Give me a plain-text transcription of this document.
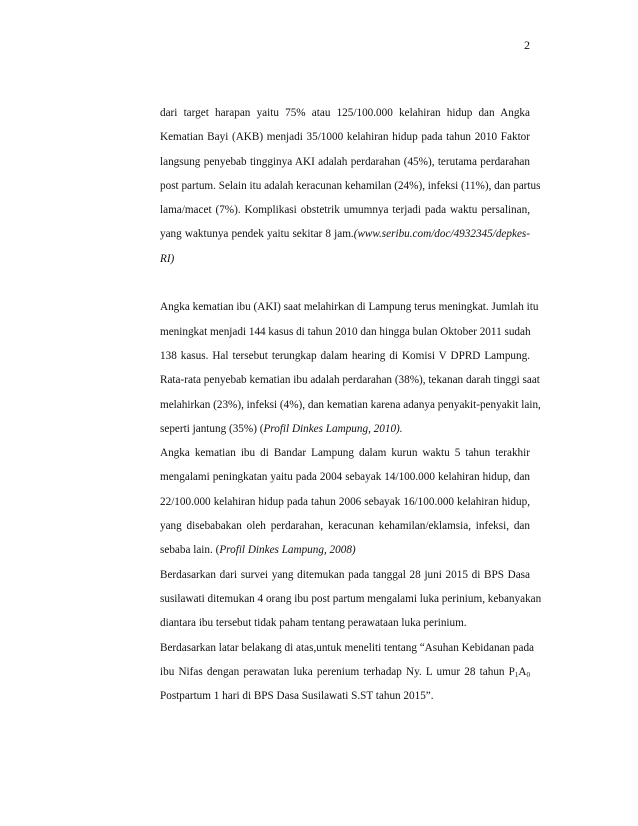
2
dari target harapan yaitu 75% atau 125/100.000 kelahiran hidup dan Angka
Kematian Bayi (AKB) menjadi 35/1000 kelahiran hidup pada tahun 2010 Faktor
langsung penyebab tingginya AKI adalah perdarahan (45%), terutama perdarahan
post partum. Selain itu adalah keracunan kehamilan (24%), infeksi (11%), dan partus
lama/macet (7%). Komplikasi obstetrik umumnya terjadi pada waktu persalinan,
yang waktunya pendek yaitu sekitar 8 jam.(www.seribu.com/doc/4932345/depkes-
RI)
Angka kematian ibu (AKI) saat melahirkan di Lampung terus meningkat. Jumlah itu
meningkat menjadi 144 kasus di tahun 2010 dan hingga bulan Oktober 2011 sudah
138 kasus. Hal tersebut terungkap dalam hearing di Komisi V DPRD Lampung.
Rata-rata penyebab kematian ibu adalah perdarahan (38%), tekanan darah tinggi saat
melahirkan (23%), infeksi (4%), dan kematian karena adanya penyakit-penyakit lain,
seperti jantung (35%) (Profil Dinkes Lampung, 2010).
Angka kematian ibu di Bandar Lampung dalam kurun waktu 5 tahun terakhir
mengalami peningkatan yaitu pada 2004 sebayak 14/100.000 kelahiran hidup, dan
22/100.000 kelahiran hidup pada tahun 2006 sebayak 16/100.000 kelahiran hidup,
yang disebabakan oleh perdarahan, keracunan kehamilan/eklamsia, infeksi, dan
sebaba lain. (Profil Dinkes Lampung, 2008)
Berdasarkan dari survei yang ditemukan pada tanggal 28 juni 2015 di BPS Dasa
susilawati ditemukan 4 orang ibu post partum mengalami luka perinium, kebanyakan
diantara ibu tersebut tidak paham tentang perawataan luka perinium.
Berdasarkan latar belakang di atas,untuk meneliti tentang “Asuhan Kebidanan pada
ibu Nifas dengan perawatan luka perenium terhadap Ny. L umur 28 tahun $P_1A_0$
Postpartum 1 hari di BPS Dasa Susilawati S.ST tahun 2015”.
